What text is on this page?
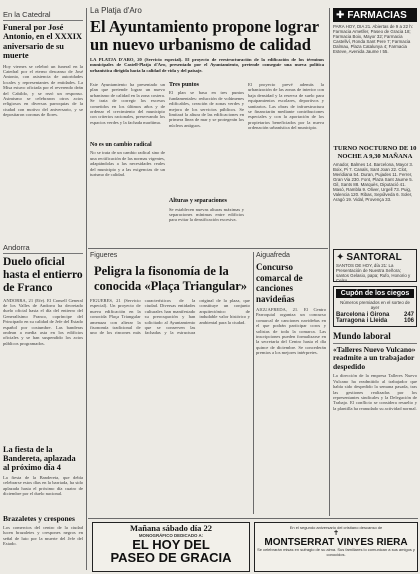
En la Catedral
Funeral por José Antonio, en el XXXIX aniversario de su muerte
Hoy viernes se celebró un funeral en la Catedral por el eterno descanso de José Antonio, con asistencia de autoridades locales y representantes de entidades. La Misa estuvo oficiada por el reverendo deán del Cabildo, y se rezó un responso. Asimismo se celebraron otros actos religiosos en diversas parroquias de la ciudad con motivo del aniversario, y se depositaron coronas de flores.
Andorra
Duelo oficial hasta el entierro de Franco
ANDORRA, 21 (Efe). El Consell General de los Valles de Andorra ha decretado duelo oficial hasta el día del entierro del Generalísimo Franco, copríncipe del Principado en su calidad de Jefe del Estado español por costumbre. Las banderas ondean a media asta en los edificios oficiales y se han suspendido los actos públicos programados.
La fiesta de la Bandereta, aplazada al próximo día 4
La fiesta de la Bandereta, que debía celebrarse estos días en la barriada, ha sido aplazada hasta el próximo día cuatro de diciembre por el duelo nacional.
Brazaletes y crespones
Los comercios del centro de la ciudad lucen brazaletes y crespones negros en señal de luto por la muerte del Jefe del Estado.
La Platja d'Aro
El Ayuntamiento propone lograr un nuevo urbanismo de calidad
LA PLATJA D'ARO, 20 (Servicio especial). El proyecto de reestructuración de la edificación de los términos municipales de Castell-Platja d'Aro, presentado por el Ayuntamiento, pretende conseguir una nueva política urbanística dirigida hacia la calidad de vida y del paisaje.
Este Ayuntamiento ha presentado un plan que pretende lograr un nuevo urbanismo de calidad en la zona costera. Se trata de corregir los excesos cometidos en los últimos años y de ordenar el crecimiento del municipio con criterios racionales, preservando los espacios verdes y la fachada marítima.
No es un cambio radical
No se trata de un cambio radical sino de una rectificación de las normas vigentes, adaptándolas a las necesidades reales del municipio y a las exigencias de un turismo de calidad.
Tres puntos
El plan se basa en tres puntos fundamentales: reducción de volúmenes edificables, creación de zonas verdes y mejora de los servicios públicos. Se limitará la altura de las edificaciones en primera línea de mar y se protegerán los núcleos antiguos.
Alturas y separaciones
Se establecen nuevas alturas máximas y separaciones mínimas entre edificios para evitar la densificación excesiva.
El proyecto prevé además la urbanización de las zonas de interior con baja densidad y la reserva de suelo para equipamientos escolares, deportivos y sanitarios. Las obras de infraestructura se financiarán mediante contribuciones especiales y con la aportación de los propietarios beneficiados por la nueva ordenación urbanística del municipio.
Figueres
Peligra la fisonomía de la conocida «Plaça Triangular»
FIGUERES, 21 (Servicio especial). Un proyecto de nueva edificación en la conocida Plaça Triangular amenaza con alterar la fisonomía tradicional de uno de los rincones más característicos de la ciudad. Diversas entidades culturales han manifestado su preocupación y han solicitado al Ayuntamiento que se conserven las fachadas y la estructura original de la plaza, que constituye un conjunto arquitectónico de indudable valor histórico y ambiental para la ciudad.
Aiguafreda
Concurso comarcal de canciones navideñas
AIGUAFREDA, 21. El Centro Parroquial organiza un concurso comarcal de canciones navideñas en el que podrán participar coros y solistas de toda la comarca. Las inscripciones pueden formalizarse en la secretaría del Centro hasta el día quince de diciembre. Se concederán premios a los mejores intérpretes.
✚ FARMACIAS
PARA HOY, DIA 21. Abiertas de 9 a 22 h: Farmacia Ametller, Paseo de Gracia 18; Farmacia Boix, Mayor 32; Farmacia Castellví, Ronda Sant Pere 7; Farmacia Dalmau, Plaza Catalunya 4; Farmacia Esteve, Avenida Jaume I 55.
TURNO NOCTURNO DE 10 NOCHE A 9,30 MAÑANA
Amador, Balmes 14. Barcelona, Mayor 3. Boix, Pi 7. Canals, Sant Joan 22. Clot, Meridiana 54. Duran, Pujades 11. Ferrer, Gran Via 230. Font, Plaza Sant Jaume 5. Gil, Sants 88. Marquès, Diputació 41. Masó, Rambla 9. Oliver, Urgell 73. Puig, Valencia 120. Ribas, Sepúlveda 6. Soler, Aragó 19. Vidal, Provença 33.
✦ SANTORAL
SANTOS DE HOY, día 21: La Presentación de Nuestra Señora; santos Gelasio, papa; Rufo, Honorio y Celso.
Cupón de los ciegos
Números premiados en el sorteo de ayer
Barcelona i Girona 247
Tarragona i Lleida	106
Mundo laboral
«Talleres Nuevo Vulcano» readmite a un trabajador despedido
La dirección de la empresa Talleres Nuevo Vulcano ha readmitido al trabajador que había sido despedido la semana pasada, tras las gestiones realizadas por los representantes sindicales y la Delegación de Trabajo. El conflicto se considera resuelto y la plantilla ha reanudado su actividad normal.
Mañana sábado día 22
MONOGRÁFICO DEDICADO A:
EL HOY DEL
PASEO DE GRACIA
En el segundo aniversario del cristiano descanso de
✝
MONTSERRAT VINYES RIERA
Se celebrarán misas en sufragio de su alma. Sus familiares lo comunican a sus amigos y conocidos.
